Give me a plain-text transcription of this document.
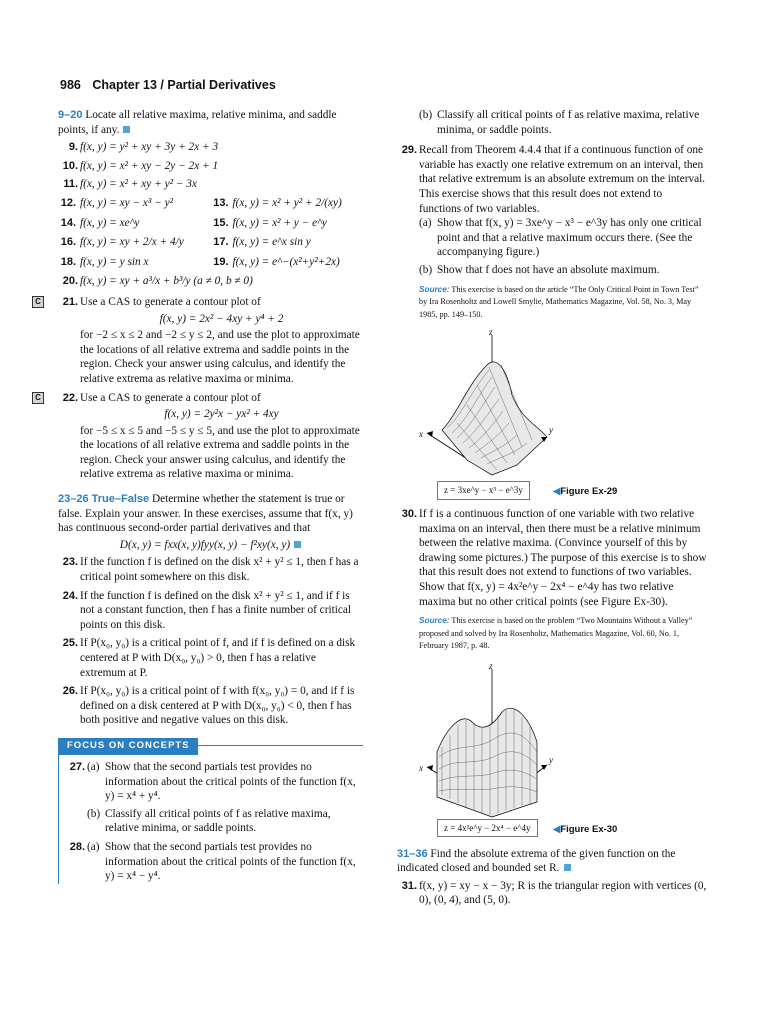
986 Chapter 13 / Partial Derivatives
9–20 Locate all relative maxima, relative minima, and saddle points, if any.
9. f(x, y) = y² + xy + 3y + 2x + 3
10. f(x, y) = x² + xy − 2y − 2x + 1
11. f(x, y) = x² + xy + y² − 3x
12. f(x, y) = xy − x³ − y²	13. f(x, y) = x² + y² + 2/(xy)
14. f(x, y) = xe^y	15. f(x, y) = x² + y − e^y
16. f(x, y) = xy + 2/x + 4/y	17. f(x, y) = e^x sin y
18. f(x, y) = y sin x	19. f(x, y) = e^−(x²+y²+2x)
20. f(x, y) = xy + a³/x + b³/y (a ≠ 0, b ≠ 0)
C	21. Use a CAS to generate a contour plot of
f(x, y) = 2x² − 4xy + y⁴ + 2
for −2 ≤ x ≤ 2 and −2 ≤ y ≤ 2, and use the plot to approximate the locations of all relative extrema and saddle points in the region. Check your answer using calculus, and identify the relative extrema as relative maxima or minima.
C	22. Use a CAS to generate a contour plot of
f(x, y) = 2y²x − yx² + 4xy
for −5 ≤ x ≤ 5 and −5 ≤ y ≤ 5, and use the plot to approximate the locations of all relative extrema and saddle points in the region. Check your answer using calculus, and identify the relative extrema as relative maxima or minima.
23–26 True–False Determine whether the statement is true or false. Explain your answer. In these exercises, assume that f(x, y) has continuous second-order partial derivatives and that
D(x, y) = fxx(x, y)fyy(x, y) − f²xy(x, y)
23. If the function f is defined on the disk x² + y² ≤ 1, then f has a critical point somewhere on this disk.
24. If the function f is defined on the disk x² + y² ≤ 1, and if f is not a constant function, then f has a finite number of critical points on this disk.
25. If P(x₀, y₀) is a critical point of f, and if f is defined on a disk centered at P with D(x₀, y₀) > 0, then f has a relative extremum at P.
26. If P(x₀, y₀) is a critical point of f with f(x₀, y₀) = 0, and if f is defined on a disk centered at P with D(x₀, y₀) < 0, then f has both positive and negative values on this disk.
FOCUS ON CONCEPTS
27. (a) Show that the second partials test provides no information about the critical points of the function f(x, y) = x⁴ + y⁴.
(b) Classify all critical points of f as relative maxima, relative minima, or saddle points.
28. (a) Show that the second partials test provides no information about the critical points of the function f(x, y) = x⁴ − y⁴.
(b) Classify all critical points of f as relative maxima, relative minima, or saddle points.
29. Recall from Theorem 4.4.4 that if a continuous function of one variable has exactly one relative extremum on an interval, then that relative extremum is an absolute extremum on the interval. This exercise shows that this result does not extend to functions of two variables.
(a) Show that f(x, y) = 3xe^y − x³ − e^3y has only one critical point and that a relative maximum occurs there. (See the accompanying figure.)
(b) Show that f does not have an absolute maximum.
Source: This exercise is based on the article “The Only Critical Point in Town Test” by Ira Rosenholtz and Lowell Smylie, Mathematics Magazine, Vol. 58, No. 3, May 1985, pp. 149–150.
z
x	y
z = 3xe^y − x³ − e^3y	◀Figure Ex-29
30. If f is a continuous function of one variable with two relative maxima on an interval, then there must be a relative minimum between the relative maxima. (Convince yourself of this by drawing some pictures.) The purpose of this exercise is to show that this result does not extend to functions of two variables. Show that f(x, y) = 4x²e^y − 2x⁴ − e^4y has two relative maxima but no other critical points (see Figure Ex-30).
Source: This exercise is based on the problem “Two Mountains Without a Valley” proposed and solved by Ira Rosenholtz, Mathematics Magazine, Vol. 60, No. 1, February 1987, p. 48.
z
x
y
z = 4x²e^y − 2x⁴ − e^4y	◀Figure Ex-30
31–36 Find the absolute extrema of the given function on the indicated closed and bounded set R.
31. f(x, y) = xy − x − 3y; R is the triangular region with vertices (0, 0), (0, 4), and (5, 0).
